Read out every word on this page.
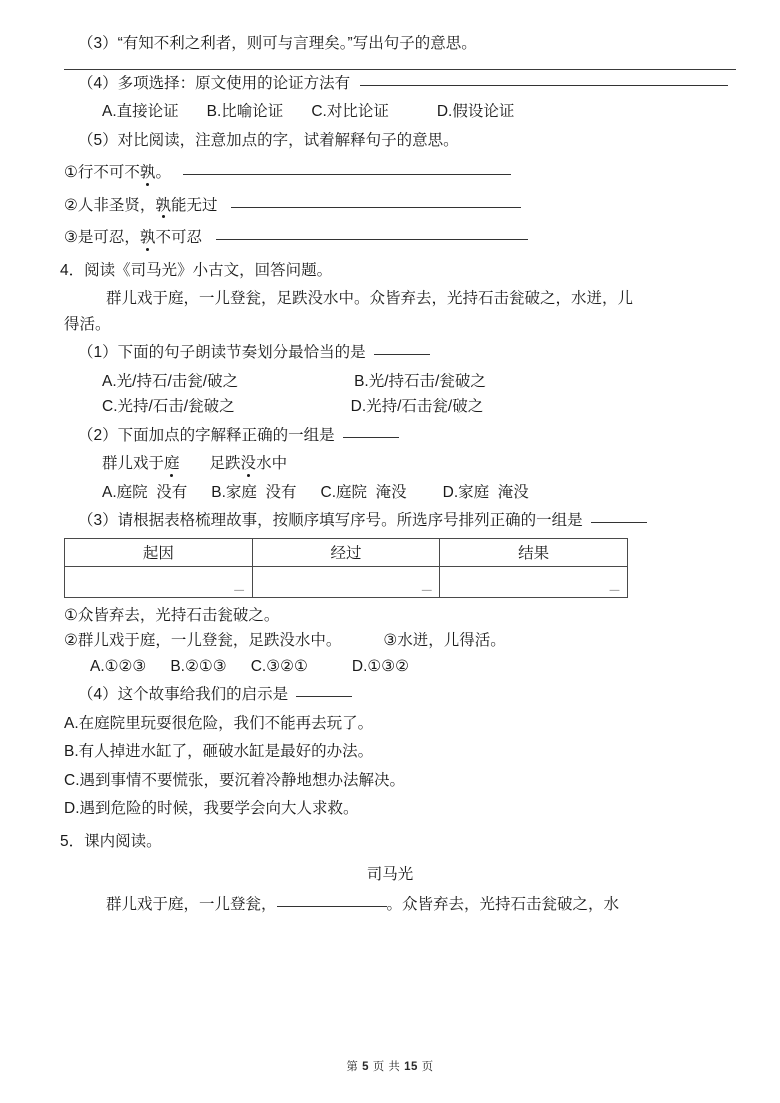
（3） “有知不利之利者，则可与言理矣。”写出句子的意思。
（4） 多项选择：原文使用的论证方法有
A.直接论证 B.比喻论证 C.对比论证	D.假设论证
（5） 对比阅读，注意加点的字，试着解释句子的意思。
① 行不可不 孰 。
② 人非圣贤， 孰 能无过
③ 是可忍， 孰 不可忍
4． 阅读《司马光》小古文，回答问题。
群儿戏于庭，一儿登瓮，足跌没水中。众皆弃去，光持石击瓮破之，水迸，儿
得活。
（1） 下面的句子朗读节奏划分最恰当的是
A.光/持石/击瓮/破之	B.光/持石击/瓮破之
C.光持/石击/瓮破之	D.光持/石击瓮/破之
（2） 下面加点的字解释正确的一组是
群儿戏于 庭 足跌 没 水中
A.庭院  没有 B.家庭  没有 C.庭院  淹没 D.家庭  淹没
（3） 请根据表格梳理故事，按顺序填写序号。所选序号排列正确的一组是
起因	经过	结果
－	－	－
①众皆弃去，光持石击瓮破之。
②群儿戏于庭，一儿登瓮，足跌没水中。	③水迸，儿得活。
A.①②③ B.②①③ C.③②①	D.①③②
（4） 这个故事给我们的启示是
A.在庭院里玩耍很危险，我们不能再去玩了。
B.有人掉进水缸了，砸破水缸是最好的办法。
C.遇到事情不要慌张，要沉着冷静地想办法解决。
D.遇到危险的时候，我要学会向大人求救。
5． 课内阅读。
司马光
群儿戏于庭，一儿登瓮，	。众皆弃去，光持石击瓮破之，水
第 5 页 共 15 页
